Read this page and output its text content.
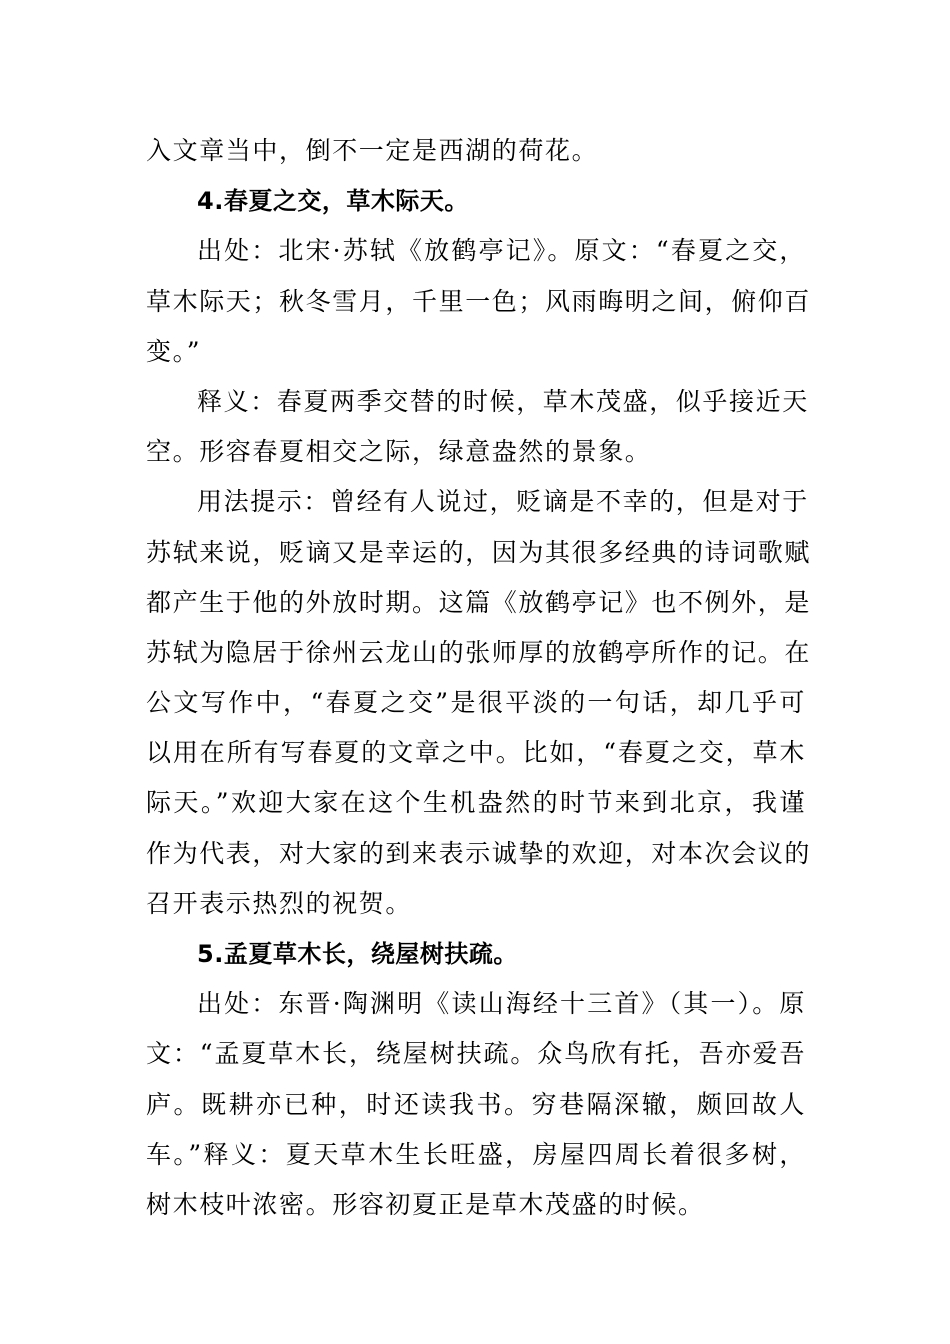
入文章当中，倒不一定是西湖的荷花。
4.春夏之交，草木际天。
出处：北宋·苏轼《放鹤亭记》。原文：“春夏之交，
草木际天；秋冬雪月，千里一色；风雨晦明之间，俯仰百
变。”
释义：春夏两季交替的时候，草木茂盛，似乎接近天
空。形容春夏相交之际，绿意盎然的景象。
用法提示：曾经有人说过，贬谪是不幸的，但是对于
苏轼来说，贬谪又是幸运的，因为其很多经典的诗词歌赋
都产生于他的外放时期。这篇《放鹤亭记》也不例外，是
苏轼为隐居于徐州云龙山的张师厚的放鹤亭所作的记。在
公文写作中，“春夏之交”是很平淡的一句话，却几乎可
以用在所有写春夏的文章之中。比如，“春夏之交，草木
际天。”欢迎大家在这个生机盎然的时节来到北京，我谨
作为代表，对大家的到来表示诚挚的欢迎，对本次会议的
召开表示热烈的祝贺。
5.孟夏草木长，绕屋树扶疏。
出处：东晋·陶渊明《读山海经十三首》（其一）。原
文：“孟夏草木长，绕屋树扶疏。众鸟欣有托，吾亦爱吾
庐。既耕亦已种，时还读我书。穷巷隔深辙，颇回故人
车。”释义：夏天草木生长旺盛，房屋四周长着很多树，
树木枝叶浓密。形容初夏正是草木茂盛的时候。
